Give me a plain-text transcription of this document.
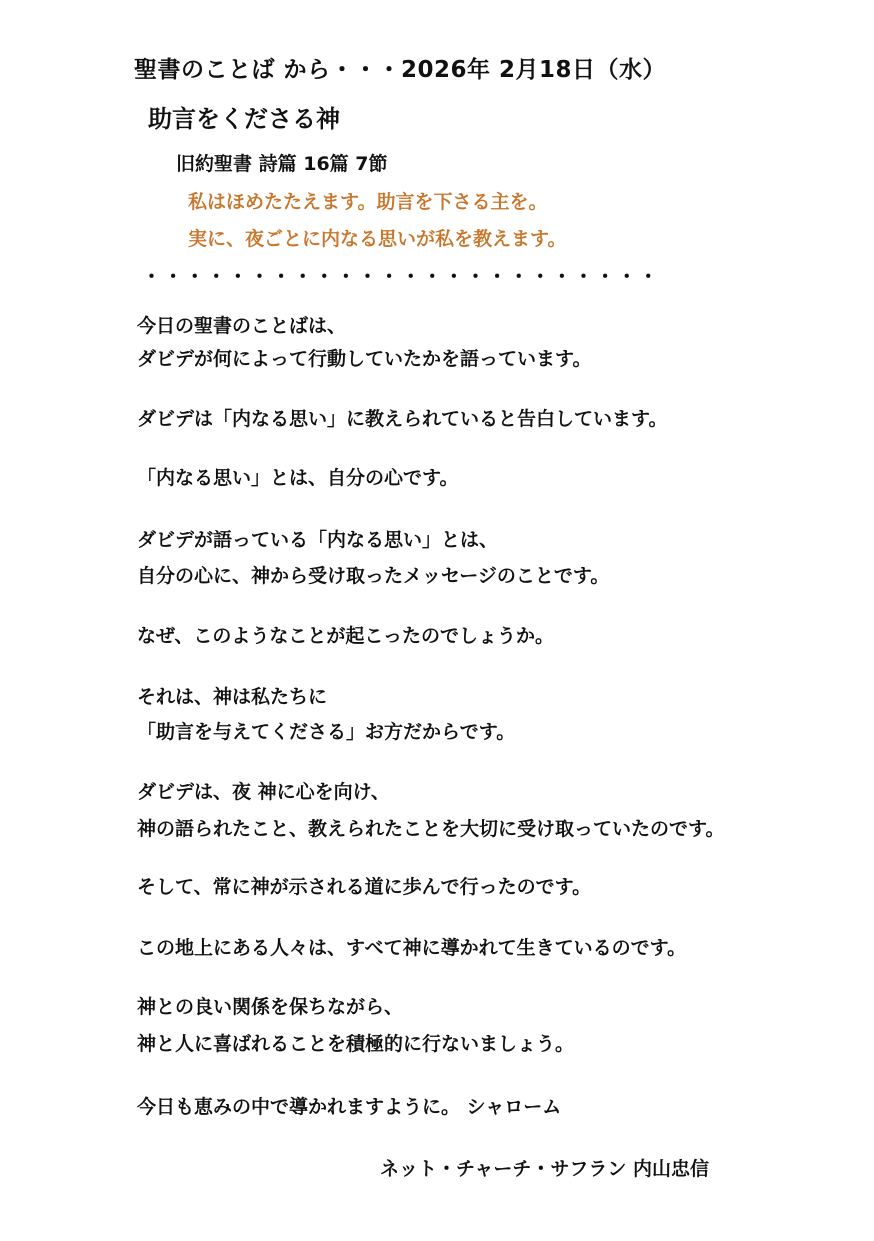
聖書のことば から・・・2026年 2月18日（水）
助言をくださる神
旧約聖書 詩篇 16篇 7節
私はほめたたえます。助言を下さる主を。
実に、夜ごとに内なる思いが私を教えます。
・・・・・・・・・・・・・・・・・・・・・・・・
今日の聖書のことばは、
ダビデが何によって行動していたかを語っています。
ダビデは「内なる思い」に教えられていると告白しています。
「内なる思い」とは、自分の心です。
ダビデが語っている「内なる思い」とは、
自分の心に、神から受け取ったメッセージのことです。
なぜ、このようなことが起こったのでしょうか。
それは、神は私たちに
「助言を与えてくださる」お方だからです。
ダビデは、夜 神に心を向け、
神の語られたこと、教えられたことを大切に受け取っていたのです。
そして、常に神が示される道に歩んで行ったのです。
この地上にある人々は、すべて神に導かれて生きているのです。
神との良い関係を保ちながら、
神と人に喜ばれることを積極的に行ないましょう。
今日も恵みの中で導かれますように。 シャローム
ネット・チャーチ・サフラン 内山忠信
